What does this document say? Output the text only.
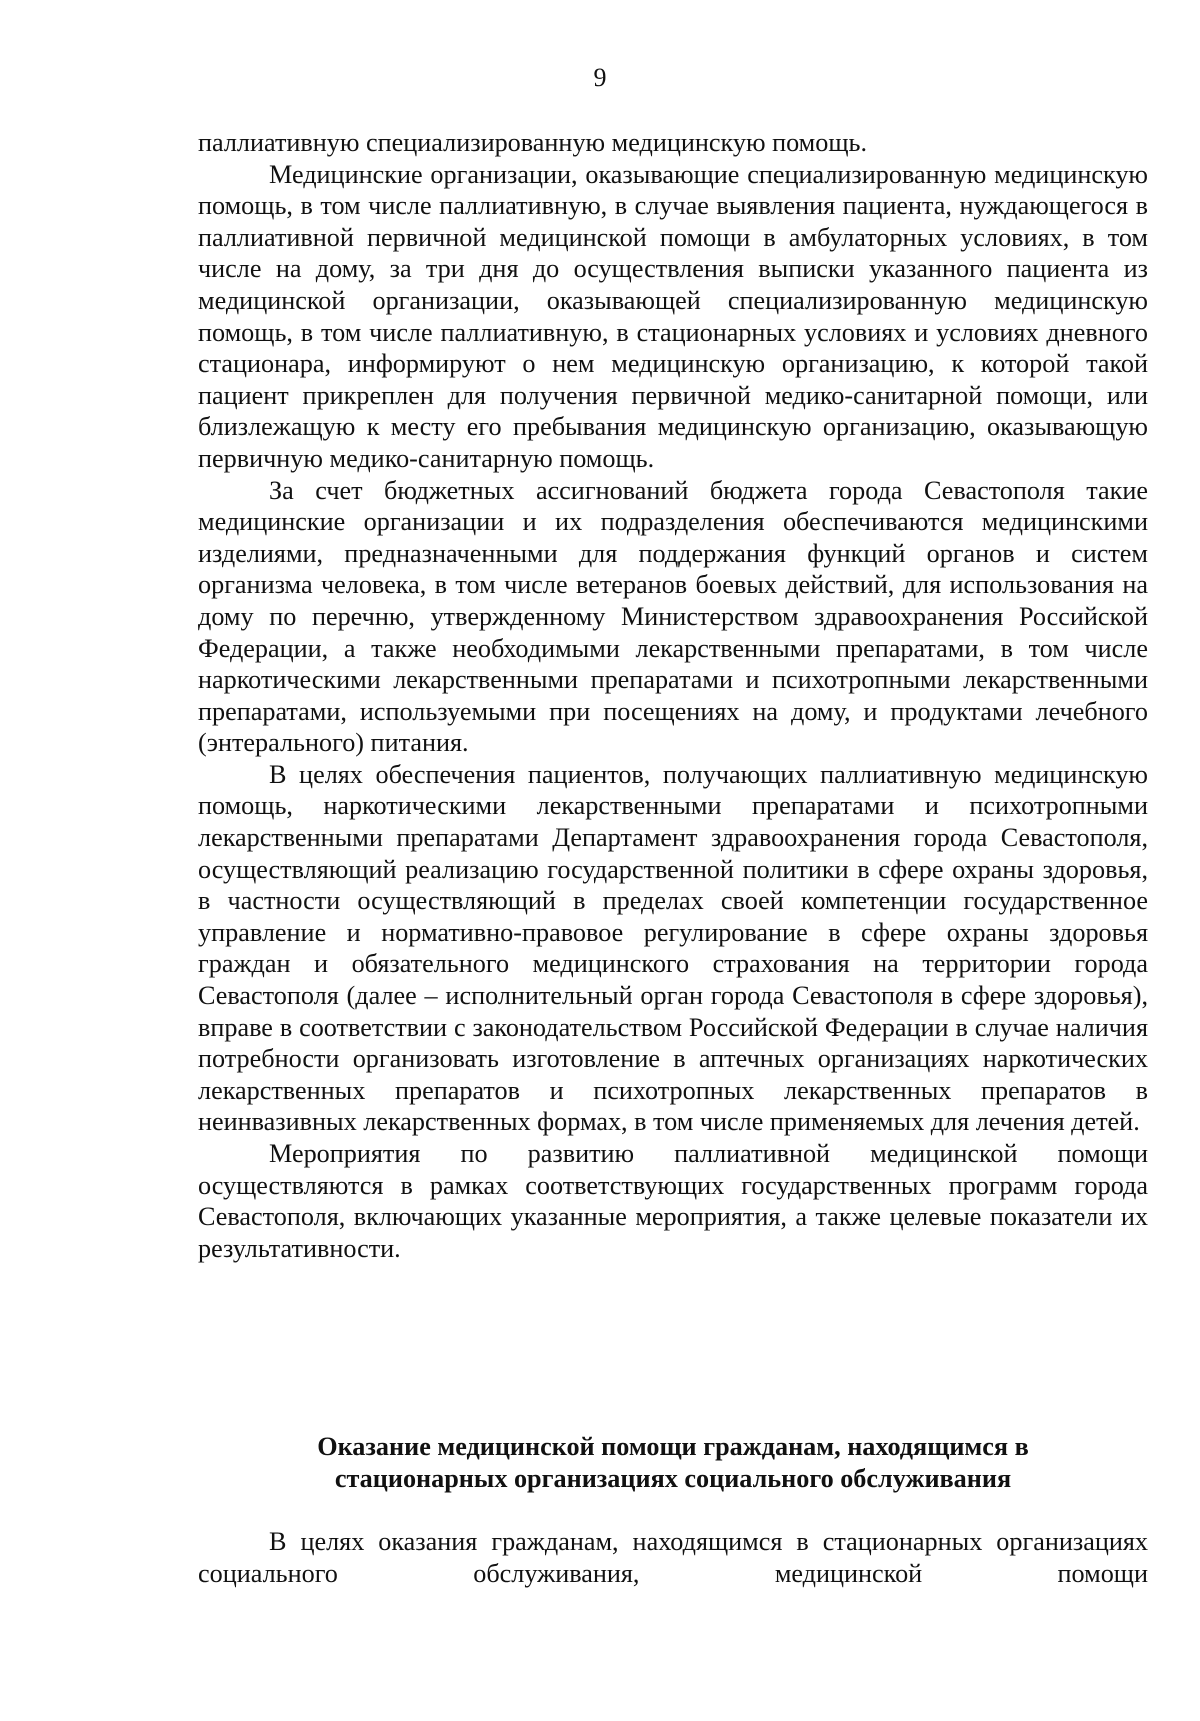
9

паллиативную специализированную медицинскую помощь.

Медицинские организации, оказывающие специализированную медицинскую помощь, в том числе паллиативную, в случае выявления пациента, нуждающегося в паллиативной первичной медицинской помощи в амбулаторных условиях, в том числе на дому, за три дня до осуществления выписки указанного пациента из медицинской организации, оказывающей специализированную медицинскую помощь, в том числе паллиативную, в стационарных условиях и условиях дневного стационара, информируют о нем медицинскую организацию, к которой такой пациент прикреплен для получения первичной медико-санитарной помощи, или близлежащую к месту его пребывания медицинскую организацию, оказывающую первичную медико-санитарную помощь.

За счет бюджетных ассигнований бюджета города Севастополя такие медицинские организации и их подразделения обеспечиваются медицинскими изделиями, предназначенными для поддержания функций органов и систем организма человека, в том числе ветеранов боевых действий, для использования на дому по перечню, утвержденному Министерством здравоохранения Российской Федерации, а также необходимыми лекарственными препаратами, в том числе наркотическими лекарственными препаратами и психотропными лекарственными препаратами, используемыми при посещениях на дому, и продуктами лечебного (энтерального) питания.

В целях обеспечения пациентов, получающих паллиативную медицинскую помощь, наркотическими лекарственными препаратами и психотропными лекарственными препаратами Департамент здравоохранения города Севастополя, осуществляющий реализацию государственной политики в сфере охраны здоровья, в частности осуществляющий в пределах своей компетенции государственное управление и нормативно-правовое регулирование в сфере охраны здоровья граждан и обязательного медицинского страхования на территории города Севастополя (далее – исполнительный орган города Севастополя в сфере здоровья), вправе в соответствии с законодательством Российской Федерации в случае наличия потребности организовать изготовление в аптечных организациях наркотических лекарственных препаратов и психотропных лекарственных препаратов в неинвазивных лекарственных формах, в том числе применяемых для лечения детей.

Мероприятия по развитию паллиативной медицинской помощи осуществляются в рамках соответствующих государственных программ города Севастополя, включающих указанные мероприятия, а также целевые показатели их результативности.

Оказание медицинской помощи гражданам, находящимся в
стационарных организациях социального обслуживания

В целях оказания гражданам, находящимся в стационарных организациях социального обслуживания, медицинской помощи
